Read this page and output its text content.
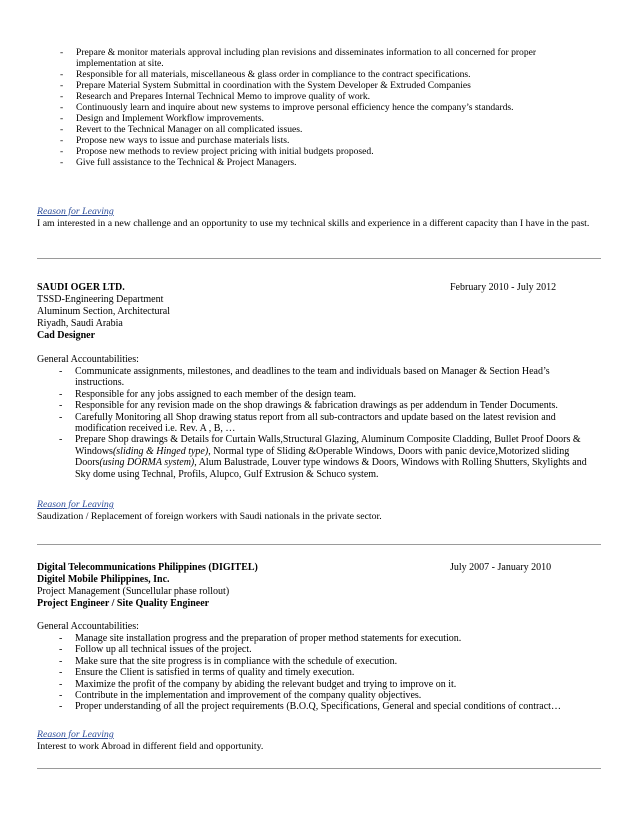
- Prepare & monitor materials approval including plan revisions and disseminates information to all concerned for proper implementation at site.
- Responsible for all materials, miscellaneous & glass order in compliance to the contract specifications.
- Prepare Material System Submittal in coordination with the System Developer & Extruded Companies
- Research and Prepares Internal Technical Memo to improve quality of work.
- Continuously learn and inquire about new systems to improve personal efficiency hence the company’s standards.
- Design and Implement Workflow improvements.
- Revert to the Technical Manager on all complicated issues.
- Propose new ways to issue and purchase materials lists.
- Propose new methods to review project pricing with initial budgets proposed.
- Give full assistance to the Technical & Project Managers.
Reason for Leaving
I am interested in a new challenge and an opportunity to use my technical skills and experience in a different capacity than I have in the past.
SAUDI OGER LTD.	February 2010 - July 2012
TSSD-Engineering Department
Aluminum Section, Architectural
Riyadh, Saudi Arabia
Cad Designer
General Accountabilities:
- Communicate assignments, milestones, and deadlines to the team and individuals based on Manager & Section Head’s instructions.
- Responsible for any jobs assigned to each member of the design team.
- Responsible for any revision made on the shop drawings & fabrication drawings as per addendum in Tender Documents.
- Carefully Monitoring all Shop drawing status report from all sub-contractors and update based on the latest revision and modification received i.e. Rev. A , B, …
- Prepare Shop drawings & Details for Curtain Walls,Structural Glazing, Aluminum Composite Cladding, Bullet Proof Doors & Windows(sliding & Hinged type), Normal type of Sliding &Operable Windows, Doors with panic device,Motorized sliding Doors(using DORMA system), Alum Balustrade, Louver type windows & Doors, Windows with Rolling Shutters, Skylights and Sky dome using Technal, Profils, Alupco, Gulf Extrusion & Schuco system.
Reason for Leaving
Saudization / Replacement of foreign workers with Saudi nationals in the private sector.
Digital Telecommunications Philippines (DIGITEL)	July 2007 - January 2010
Digitel Mobile Philippines, Inc.
Project Management (Suncellular phase rollout)
Project Engineer / Site Quality Engineer
General Accountabilities:
- Manage site installation progress and the preparation of proper method statements for execution.
- Follow up all technical issues of the project.
- Make sure that the site progress is in compliance with the schedule of execution.
- Ensure the Client is satisfied in terms of quality and timely execution.
- Maximize the profit of the company by abiding the relevant budget and trying to improve on it.
- Contribute in the implementation and improvement of the company quality objectives.
- Proper understanding of all the project requirements (B.O.Q, Specifications, General and special conditions of contract…
Reason for Leaving
Interest to work Abroad in different field and opportunity.
